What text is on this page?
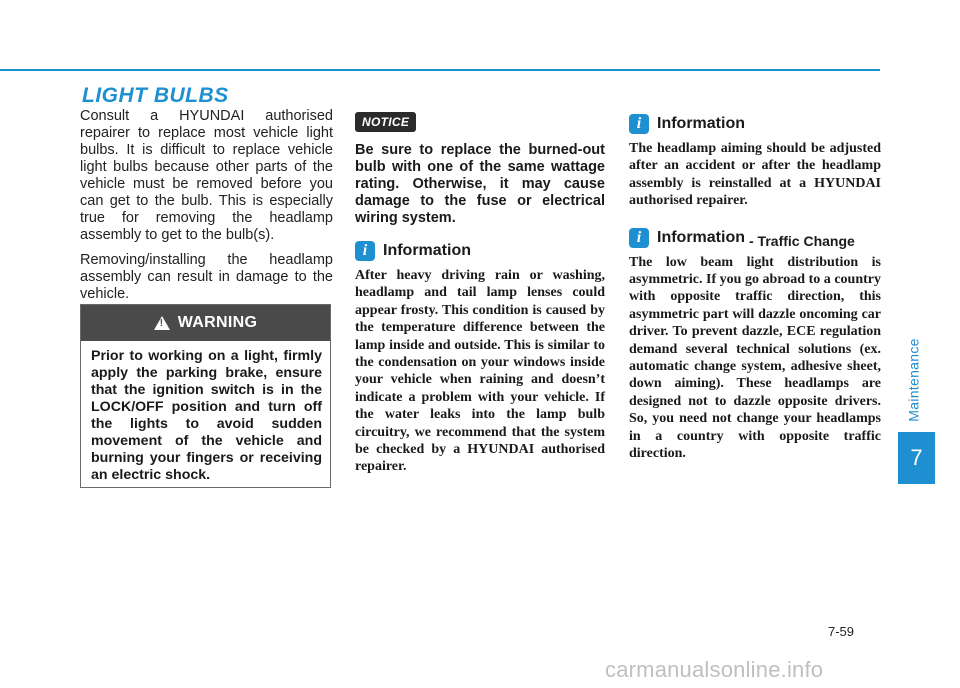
LIGHT BULBS

Consult a HYUNDAI authorised repairer to replace most vehicle light bulbs. It is difficult to replace vehicle light bulbs because other parts of the vehicle must be removed before you can get to the bulb. This is especially true for removing the headlamp assembly to get to the bulb(s).

Removing/installing the headlamp assembly can result in damage to the vehicle.

!
WARNING

Prior to working on a light, firmly apply the parking brake, ensure that the ignition switch is in the LOCK/OFF position and turn off the lights to avoid sudden movement of the vehicle and burning your fingers or receiving an electric shock.

NOTICE

Be sure to replace the burned-out bulb with one of the same wattage rating. Otherwise, it may cause damage to the fuse or electrical wiring system.

i Information

After heavy driving rain or washing, headlamp and tail lamp lenses could appear frosty. This condition is caused by the temperature difference between the lamp inside and outside. This is similar to the condensation on your windows inside your vehicle when raining and doesn’t indicate a problem with your vehicle. If the water leaks into the lamp bulb circuitry, we recommend that the system be checked by a HYUNDAI authorised repairer.

i Information

The headlamp aiming should be adjusted after an accident or after the headlamp assembly is reinstalled at a HYUNDAI authorised repairer.

i Information - Traffic Change

The low beam light distribution is asymmetric. If you go abroad to a country with opposite traffic direction, this asymmetric part will dazzle oncoming car driver. To prevent dazzle, ECE regulation demand several technical solutions (ex. automatic change system, adhesive sheet, down aiming). These headlamps are designed not to dazzle opposite drivers. So, you need not change your headlamps in a country with opposite traffic direction.

Maintenance
7
7-59
carmanualsonline.info
